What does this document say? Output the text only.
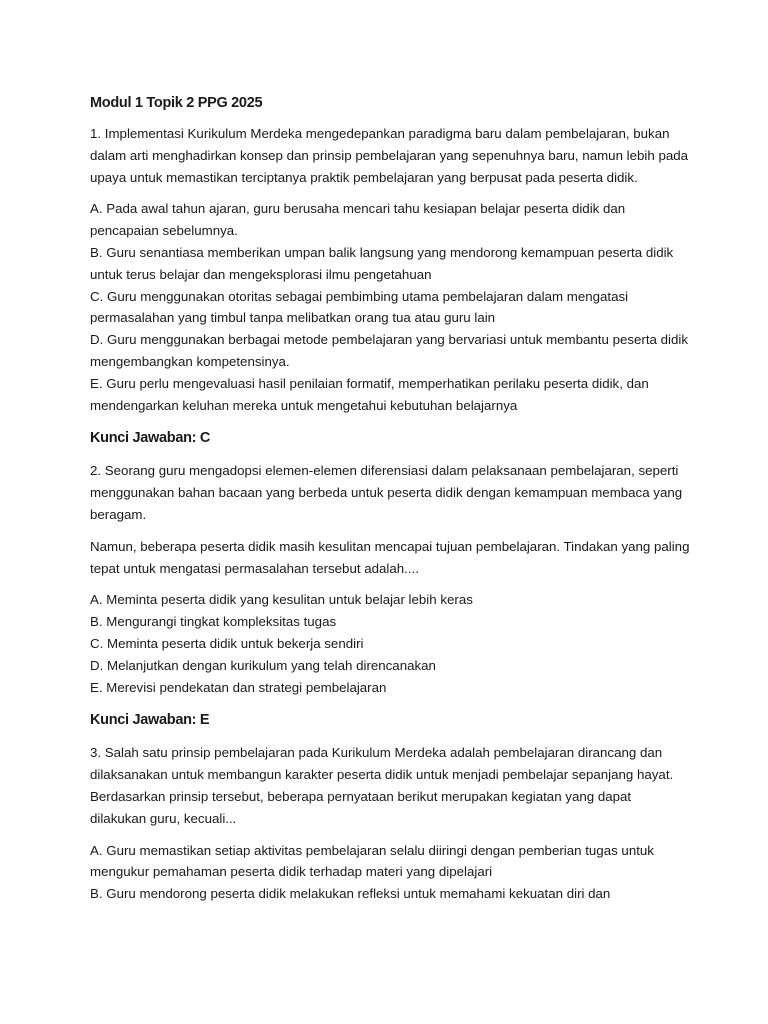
Modul 1 Topik 2 PPG 2025
1. Implementasi Kurikulum Merdeka mengedepankan paradigma baru dalam pembelajaran, bukan dalam arti menghadirkan konsep dan prinsip pembelajaran yang sepenuhnya baru, namun lebih pada upaya untuk memastikan terciptanya praktik pembelajaran yang berpusat pada peserta didik.
A. Pada awal tahun ajaran, guru berusaha mencari tahu kesiapan belajar peserta didik dan pencapaian sebelumnya.
B. Guru senantiasa memberikan umpan balik langsung yang mendorong kemampuan peserta didik untuk terus belajar dan mengeksplorasi ilmu pengetahuan
C. Guru menggunakan otoritas sebagai pembimbing utama pembelajaran dalam mengatasi permasalahan yang timbul tanpa melibatkan orang tua atau guru lain
D. Guru menggunakan berbagai metode pembelajaran yang bervariasi untuk membantu peserta didik mengembangkan kompetensinya.
E. Guru perlu mengevaluasi hasil penilaian formatif, memperhatikan perilaku peserta didik, dan mendengarkan keluhan mereka untuk mengetahui kebutuhan belajarnya
Kunci Jawaban: C
2. Seorang guru mengadopsi elemen-elemen diferensiasi dalam pelaksanaan pembelajaran, seperti menggunakan bahan bacaan yang berbeda untuk peserta didik dengan kemampuan membaca yang beragam.
Namun, beberapa peserta didik masih kesulitan mencapai tujuan pembelajaran. Tindakan yang paling tepat untuk mengatasi permasalahan tersebut adalah....
A. Meminta peserta didik yang kesulitan untuk belajar lebih keras
B. Mengurangi tingkat kompleksitas tugas
C. Meminta peserta didik untuk bekerja sendiri
D. Melanjutkan dengan kurikulum yang telah direncanakan
E. Merevisi pendekatan dan strategi pembelajaran
Kunci Jawaban: E
3. Salah satu prinsip pembelajaran pada Kurikulum Merdeka adalah pembelajaran dirancang dan dilaksanakan untuk membangun karakter peserta didik untuk menjadi pembelajar sepanjang hayat. Berdasarkan prinsip tersebut, beberapa pernyataan berikut merupakan kegiatan yang dapat dilakukan guru, kecuali...
A. Guru memastikan setiap aktivitas pembelajaran selalu diiringi dengan pemberian tugas untuk mengukur pemahaman peserta didik terhadap materi yang dipelajari
B. Guru mendorong peserta didik melakukan refleksi untuk memahami kekuatan diri dan
